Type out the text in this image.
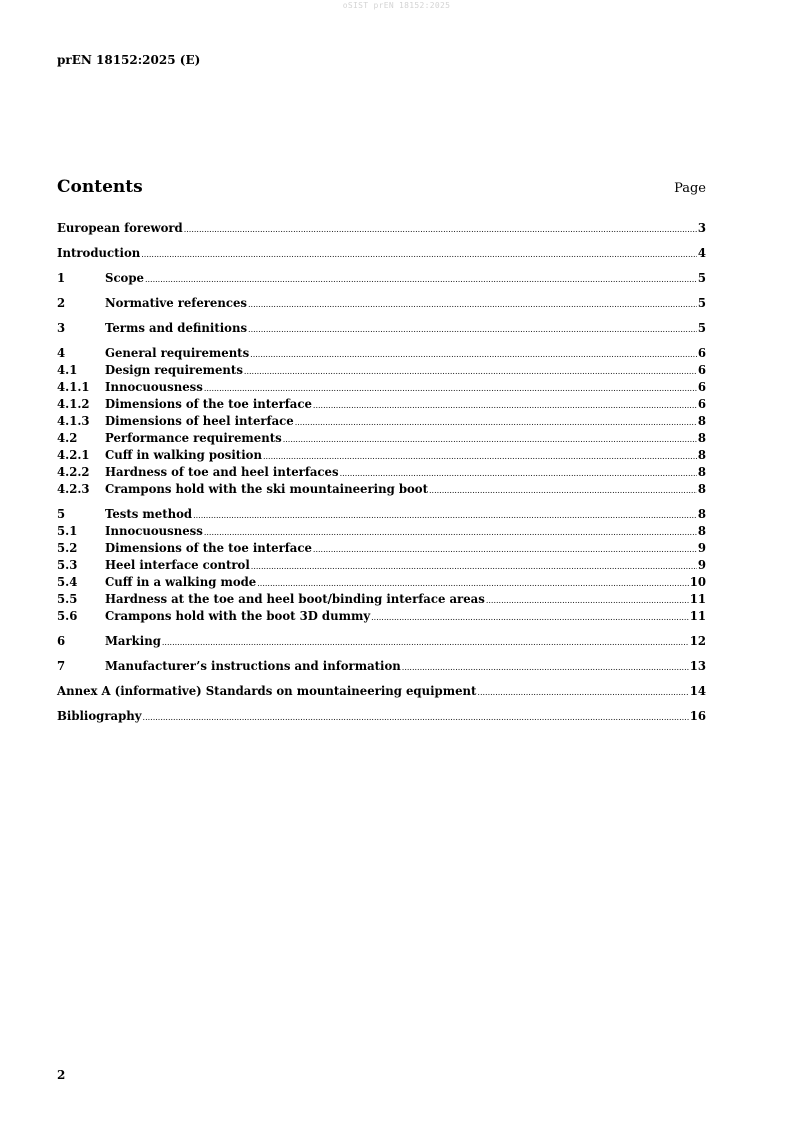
oSIST prEN 18152:2025
prEN 18152:2025 (E)
Contents	Page
European foreword .....	3
Introduction .....	4
1	Scope .....	5
2	Normative references .....	5
3	Terms and definitions .....	5
4	General requirements .....	6
4.1	Design requirements .....	6
4.1.1	Innocuousness .....	6
4.1.2	Dimensions of the toe interface .....	6
4.1.3	Dimensions of heel interface .....	8
4.2	Performance requirements .....	8
4.2.1	Cuff in walking position .....	8
4.2.2	Hardness of toe and heel interfaces .....	8
4.2.3	Crampons hold with the ski mountaineering boot .....	8
5	Tests method .....	8
5.1	Innocuousness .....	8
5.2	Dimensions of the toe interface .....	9
5.3	Heel interface control .....	9
5.4	Cuff in a walking mode .....	10
5.5	Hardness at the toe and heel boot/binding interface areas .....	11
5.6	Crampons hold with the boot 3D dummy .....	11
6	Marking .....	12
7	Manufacturer’s instructions and information .....	13
Annex A (informative) Standards on mountaineering equipment .....	14
Bibliography .....	16
2
